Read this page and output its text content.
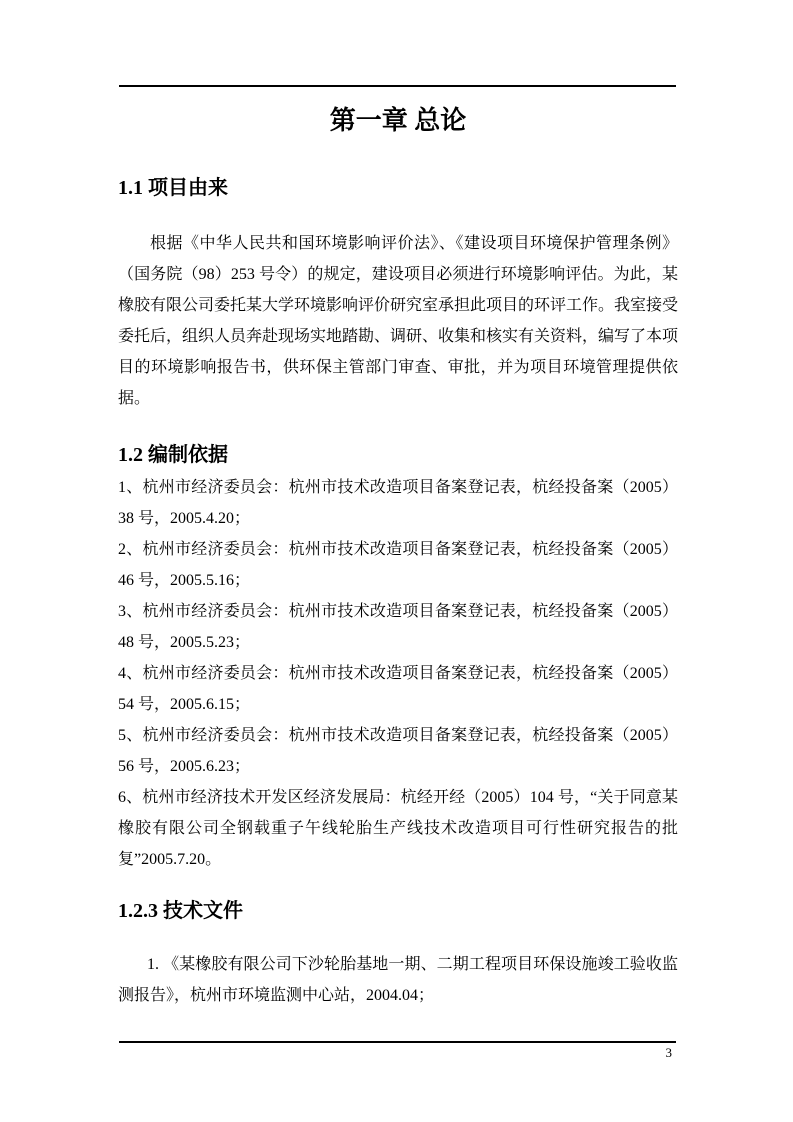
第一章 总论
1.1 项目由来

根据《中华人民共和国环境影响评价法》、《建设项目环境保护管理条例》（国务院（98）253 号令）的规定，建设项目必须进行环境影响评估。为此，某橡胶有限公司委托某大学环境影响评价研究室承担此项目的环评工作。我室接受委托后，组织人员奔赴现场实地踏勘、调研、收集和核实有关资料，编写了本项目的环境影响报告书，供环保主管部门审查、审批，并为项目环境管理提供依据。

1.2 编制依据

1、杭州市经济委员会：杭州市技术改造项目备案登记表，杭经投备案（2005）38 号，2005.4.20；

2、杭州市经济委员会：杭州市技术改造项目备案登记表，杭经投备案（2005）46 号，2005.5.16；

3、杭州市经济委员会：杭州市技术改造项目备案登记表，杭经投备案（2005）48 号，2005.5.23；

4、杭州市经济委员会：杭州市技术改造项目备案登记表，杭经投备案（2005）54 号，2005.6.15；

5、杭州市经济委员会：杭州市技术改造项目备案登记表，杭经投备案（2005）56 号，2005.6.23；

6、杭州市经济技术开发区经济发展局：杭经开经（2005）104 号，“关于同意某橡胶有限公司全钢载重子午线轮胎生产线技术改造项目可行性研究报告的批复”2005.7.20。

1.2.3 技术文件

1. 《某橡胶有限公司下沙轮胎基地一期、二期工程项目环保设施竣工验收监测报告》，杭州市环境监测中心站，2004.04；

3
